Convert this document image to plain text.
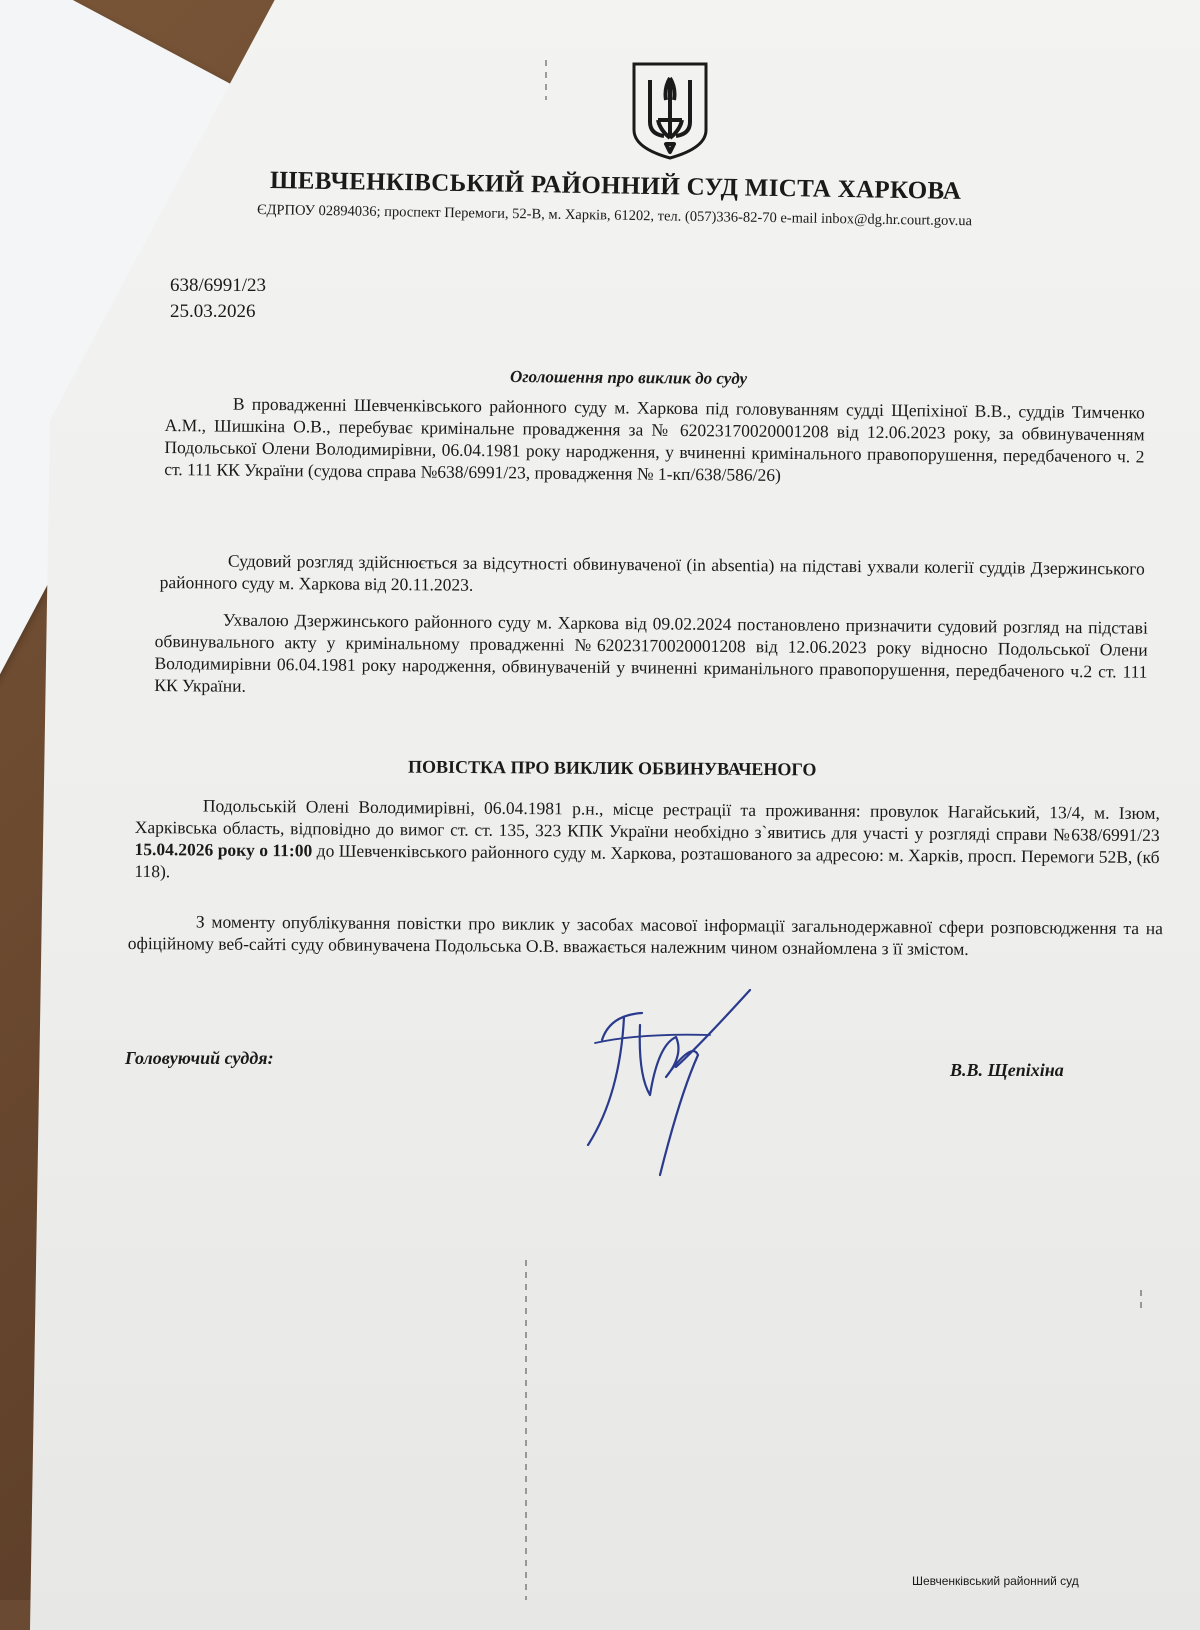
ШЕВЧЕНКІВСЬКИЙ РАЙОННИЙ СУД МІСТА ХАРКОВА
ЄДРПОУ 02894036; проспект Перемоги, 52-В, м. Харків, 61202, тел. (057)336-82-70 e-mail inbox@dg.hr.court.gov.ua
638/6991/23
25.03.2026
Оголошення про виклик до суду

В провадженні Шевченківського районного суду м. Харкова під головуванням судді Щепіхіної В.В., суддів Тимченко А.М., Шишкіна О.В., перебуває кримінальне провадження за № 62023170020001208 від 12.06.2023 року, за обвинуваченням Подольської Олени Володимирівни, 06.04.1981 року народження, у вчиненні кримінального правопорушення, передбаченого ч. 2 ст. 111 КК України (судова справа №638/6991/23, провадження № 1-кп/638/586/26)

Судовий розгляд здійснюється за відсутності обвинуваченої (in absentia) на підставі ухвали колегії суддів Дзержинського районного суду м. Харкова від 20.11.2023.

Ухвалою Дзержинського районного суду м. Харкова від 09.02.2024 постановлено призначити судовий розгляд на підставі обвинувального акту у кримінальному провадженні №62023170020001208 від 12.06.2023 року відносно Подольської Олени Володимирівни 06.04.1981 року народження, обвинуваченій у вчиненні криманільного правопорушення, передбаченого ч.2 ст. 111 КК України.

ПОВІСТКА ПРО ВИКЛИК ОБВИНУВАЧЕНОГО

Подольській Олені Володимирівні, 06.04.1981 р.н., місце рестрації та проживання: провулок Нагайський, 13/4, м. Ізюм, Харківська область, відповідно до вимог ст. ст. 135, 323 КПК України необхідно з`явитись для участі у розгляді справи №638/6991/23 15.04.2026 року о 11:00 до Шевченківського районного суду м. Харкова, розташованого за адресою: м. Харків, просп. Перемоги 52В, (кб 118).

З моменту опублікування повістки про виклик у засобах масової інформації загальнодержавної сфери розповсюдження та на офіційному веб-сайті суду обвинувачена Подольська О.В. вважається належним чином ознайомлена з її змістом.

Головуючий суддя:
В.В. Щепіхіна
Шевченківський районний суд
